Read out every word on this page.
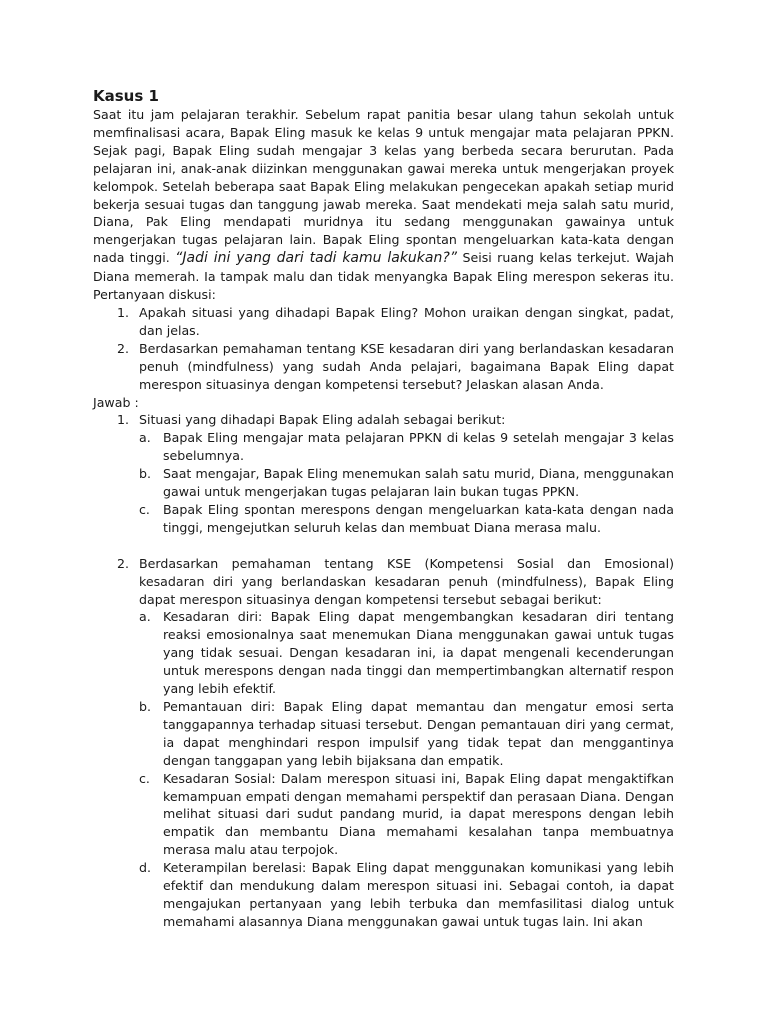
Kasus 1

Saat itu jam pelajaran terakhir. Sebelum rapat panitia besar ulang tahun sekolah untuk memfinalisasi acara, Bapak Eling masuk ke kelas 9 untuk mengajar mata pelajaran PPKN. Sejak pagi, Bapak Eling sudah mengajar 3 kelas yang berbeda secara berurutan. Pada pelajaran ini, anak-anak diizinkan menggunakan gawai mereka untuk mengerjakan proyek kelompok. Setelah beberapa saat Bapak Eling melakukan pengecekan apakah setiap murid bekerja sesuai tugas dan tanggung jawab mereka. Saat mendekati meja salah satu murid, Diana, Pak Eling mendapati muridnya itu sedang menggunakan gawainya untuk mengerjakan tugas pelajaran lain. Bapak Eling spontan mengeluarkan kata-kata dengan nada tinggi. “Jadi ini yang dari tadi kamu lakukan?” Seisi ruang kelas terkejut. Wajah Diana memerah. Ia tampak malu dan tidak menyangka Bapak Eling merespon sekeras itu. Pertanyaan diskusi:

1. Apakah situasi yang dihadapi Bapak Eling? Mohon uraikan dengan singkat, padat, dan jelas.
2. Berdasarkan pemahaman tentang KSE kesadaran diri yang berlandaskan kesadaran penuh (mindfulness) yang sudah Anda pelajari, bagaimana Bapak Eling dapat merespon situasinya dengan kompetensi tersebut? Jelaskan alasan Anda.
Jawab :
1. Situasi yang dihadapi Bapak Eling adalah sebagai berikut:
a. Bapak Eling mengajar mata pelajaran PPKN di kelas 9 setelah mengajar 3 kelas sebelumnya.
b. Saat mengajar, Bapak Eling menemukan salah satu murid, Diana, menggunakan gawai untuk mengerjakan tugas pelajaran lain bukan tugas PPKN.
c. Bapak Eling spontan merespons dengan mengeluarkan kata-kata dengan nada tinggi, mengejutkan seluruh kelas dan membuat Diana merasa malu.
2. Berdasarkan pemahaman tentang KSE (Kompetensi Sosial dan Emosional) kesadaran diri yang berlandaskan kesadaran penuh (mindfulness), Bapak Eling dapat merespon situasinya dengan kompetensi tersebut sebagai berikut:
a. Kesadaran diri: Bapak Eling dapat mengembangkan kesadaran diri tentang reaksi emosionalnya saat menemukan Diana menggunakan gawai untuk tugas yang tidak sesuai. Dengan kesadaran ini, ia dapat mengenali kecenderungan untuk merespons dengan nada tinggi dan mempertimbangkan alternatif respon yang lebih efektif.
b. Pemantauan diri: Bapak Eling dapat memantau dan mengatur emosi serta tanggapannya terhadap situasi tersebut. Dengan pemantauan diri yang cermat, ia dapat menghindari respon impulsif yang tidak tepat dan menggantinya dengan tanggapan yang lebih bijaksana dan empatik.
c. Kesadaran Sosial: Dalam merespon situasi ini, Bapak Eling dapat mengaktifkan kemampuan empati dengan memahami perspektif dan perasaan Diana. Dengan melihat situasi dari sudut pandang murid, ia dapat merespons dengan lebih empatik dan membantu Diana memahami kesalahan tanpa membuatnya merasa malu atau terpojok.
d. Keterampilan berelasi: Bapak Eling dapat menggunakan komunikasi yang lebih efektif dan mendukung dalam merespon situasi ini. Sebagai contoh, ia dapat mengajukan pertanyaan yang lebih terbuka dan memfasilitasi dialog untuk memahami alasannya Diana menggunakan gawai untuk tugas lain. Ini akan
